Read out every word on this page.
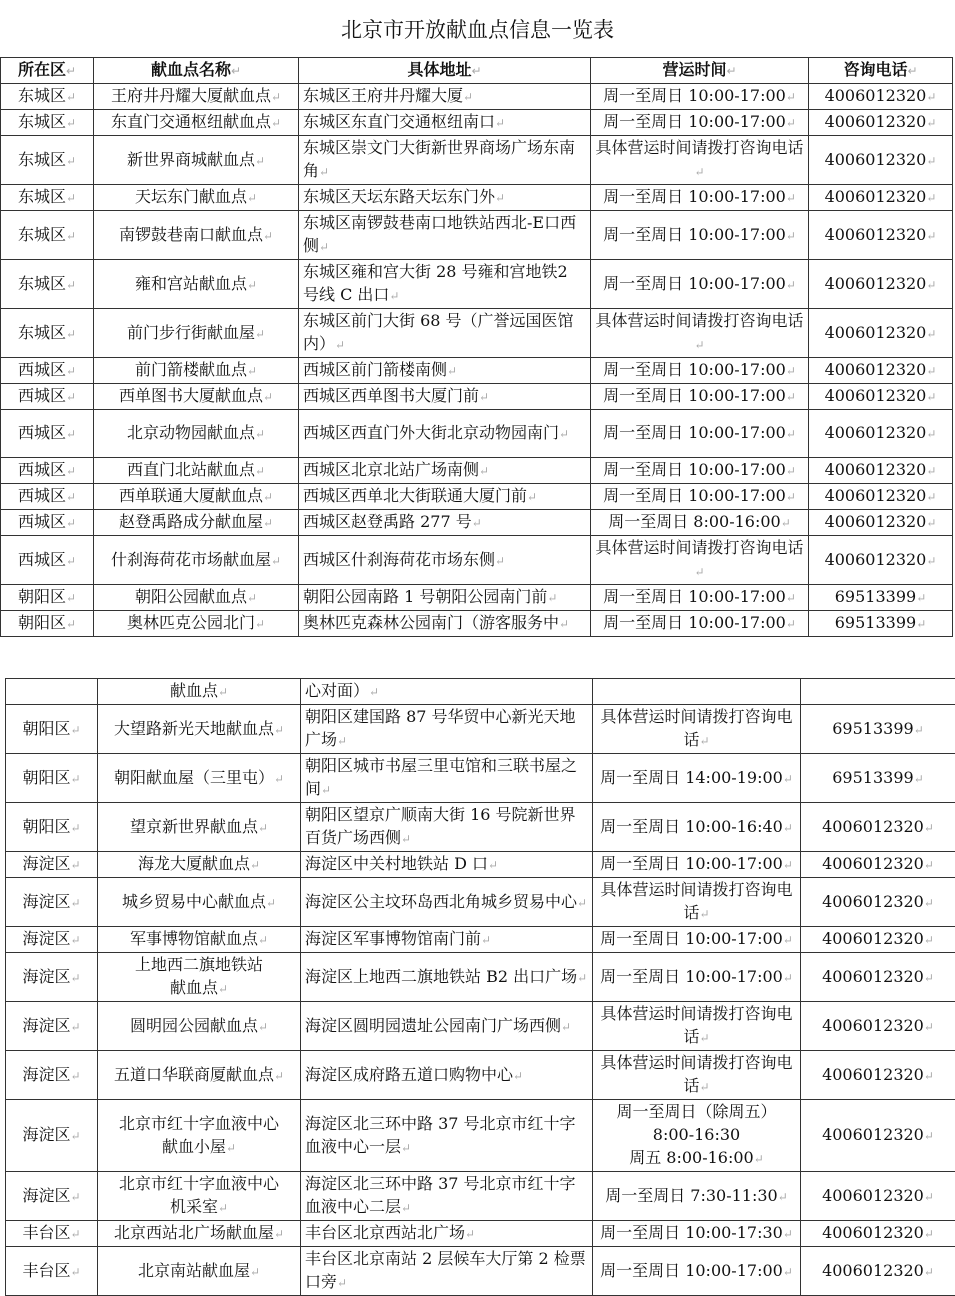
北京市开放献血点信息一览表
所在区 ↵	献血点名称 ↵	具体地址 ↵	营运时间 ↵	咨询电话 ↵
东城区 ↵	王府井丹耀大厦献血点 ↵	东城区王府井丹耀大厦 ↵	周一至周日 10:00-17:00 ↵	4006012320 ↵
东城区 ↵	东直门交通枢纽献血点 ↵	东城区东直门交通枢纽南口 ↵	周一至周日 10:00-17:00 ↵	4006012320 ↵
东城区 ↵	新世界商城献血点 ↵	东城区崇文门大街新世界商场广场东南角 ↵	具体营运时间请拨打咨询电话 ↵	4006012320 ↵
东城区 ↵	天坛东门献血点 ↵	东城区天坛东路天坛东门外 ↵	周一至周日 10:00-17:00 ↵	4006012320 ↵
东城区 ↵	南锣鼓巷南口献血点 ↵	东城区南锣鼓巷南口地铁站西北-E口西侧 ↵	周一至周日 10:00-17:00 ↵	4006012320 ↵
东城区 ↵	雍和宫站献血点 ↵	东城区雍和宫大街 28 号雍和宫地铁2 号线 C 出口 ↵	周一至周日 10:00-17:00 ↵	4006012320 ↵
东城区 ↵	前门步行街献血屋 ↵	东城区前门大街 68 号（广誉远国医馆内） ↵	具体营运时间请拨打咨询电话 ↵	4006012320 ↵
西城区 ↵	前门箭楼献血点 ↵	西城区前门箭楼南侧 ↵	周一至周日 10:00-17:00 ↵	4006012320 ↵
西城区 ↵	西单图书大厦献血点 ↵	西城区西单图书大厦门前 ↵	周一至周日 10:00-17:00 ↵	4006012320 ↵
西城区 ↵	北京动物园献血点 ↵	西城区西直门外大街北京动物园南门 ↵	周一至周日 10:00-17:00 ↵	4006012320 ↵
西城区 ↵	西直门北站献血点 ↵	西城区北京北站广场南侧 ↵	周一至周日 10:00-17:00 ↵	4006012320 ↵
西城区 ↵	西单联通大厦献血点 ↵	西城区西单北大街联通大厦门前 ↵	周一至周日 10:00-17:00 ↵	4006012320 ↵
西城区 ↵	赵登禹路成分献血屋 ↵	西城区赵登禹路 277 号 ↵	周一至周日 8:00-16:00 ↵	4006012320 ↵
西城区 ↵	什刹海荷花市场献血屋 ↵	西城区什刹海荷花市场东侧 ↵	具体营运时间请拨打咨询电话 ↵	4006012320 ↵
朝阳区 ↵	朝阳公园献血点 ↵	朝阳公园南路 1 号朝阳公园南门前 ↵	周一至周日 10:00-17:00 ↵	69513399 ↵
朝阳区 ↵	奥林匹克公园北门 ↵	奥林匹克森林公园南门（游客服务中 ↵	周一至周日 10:00-17:00 ↵	69513399 ↵
	献血点 ↵	心对面） ↵		
朝阳区 ↵	大望路新光天地献血点 ↵	朝阳区建国路 87 号华贸中心新光天地广场 ↵	具体营运时间请拨打咨询电话 ↵	69513399 ↵
朝阳区 ↵	朝阳献血屋（三里屯） ↵	朝阳区城市书屋三里屯馆和三联书屋之间 ↵	周一至周日 14:00-19:00 ↵	69513399 ↵
朝阳区 ↵	望京新世界献血点 ↵	朝阳区望京广顺南大街 16 号院新世界百货广场西侧 ↵	周一至周日 10:00-16:40 ↵	4006012320 ↵
海淀区 ↵	海龙大厦献血点 ↵	海淀区中关村地铁站 D 口 ↵	周一至周日 10:00-17:00 ↵	4006012320 ↵
海淀区 ↵	城乡贸易中心献血点 ↵	海淀区公主坟环岛西北角城乡贸易中心 ↵	具体营运时间请拨打咨询电话 ↵	4006012320 ↵
海淀区 ↵	军事博物馆献血点 ↵	海淀区军事博物馆南门前 ↵	周一至周日 10:00-17:00 ↵	4006012320 ↵
海淀区 ↵	上地西二旗地铁站
献血点 ↵	海淀区上地西二旗地铁站 B2 出口广场 ↵	周一至周日 10:00-17:00 ↵	4006012320 ↵
海淀区 ↵	圆明园公园献血点 ↵	海淀区圆明园遗址公园南门广场西侧 ↵	具体营运时间请拨打咨询电话 ↵	4006012320 ↵
海淀区 ↵	五道口华联商厦献血点 ↵	海淀区成府路五道口购物中心 ↵	具体营运时间请拨打咨询电话 ↵	4006012320 ↵
海淀区 ↵	北京市红十字血液中心
献血小屋 ↵	海淀区北三环中路 37 号北京市红十字血液中心一层 ↵	周一至周日（除周五）
8:00-16:30
周五 8:00-16:00 ↵	4006012320 ↵
海淀区 ↵	北京市红十字血液中心
机采室 ↵	海淀区北三环中路 37 号北京市红十字血液中心二层 ↵	周一至周日 7:30-11:30 ↵	4006012320 ↵
丰台区 ↵	北京西站北广场献血屋 ↵	丰台区北京西站北广场 ↵	周一至周日 10:00-17:30 ↵	4006012320 ↵
丰台区 ↵	北京南站献血屋 ↵	丰台区北京南站 2 层候车大厅第 2 检票口旁 ↵	周一至周日 10:00-17:00 ↵	4006012320 ↵
